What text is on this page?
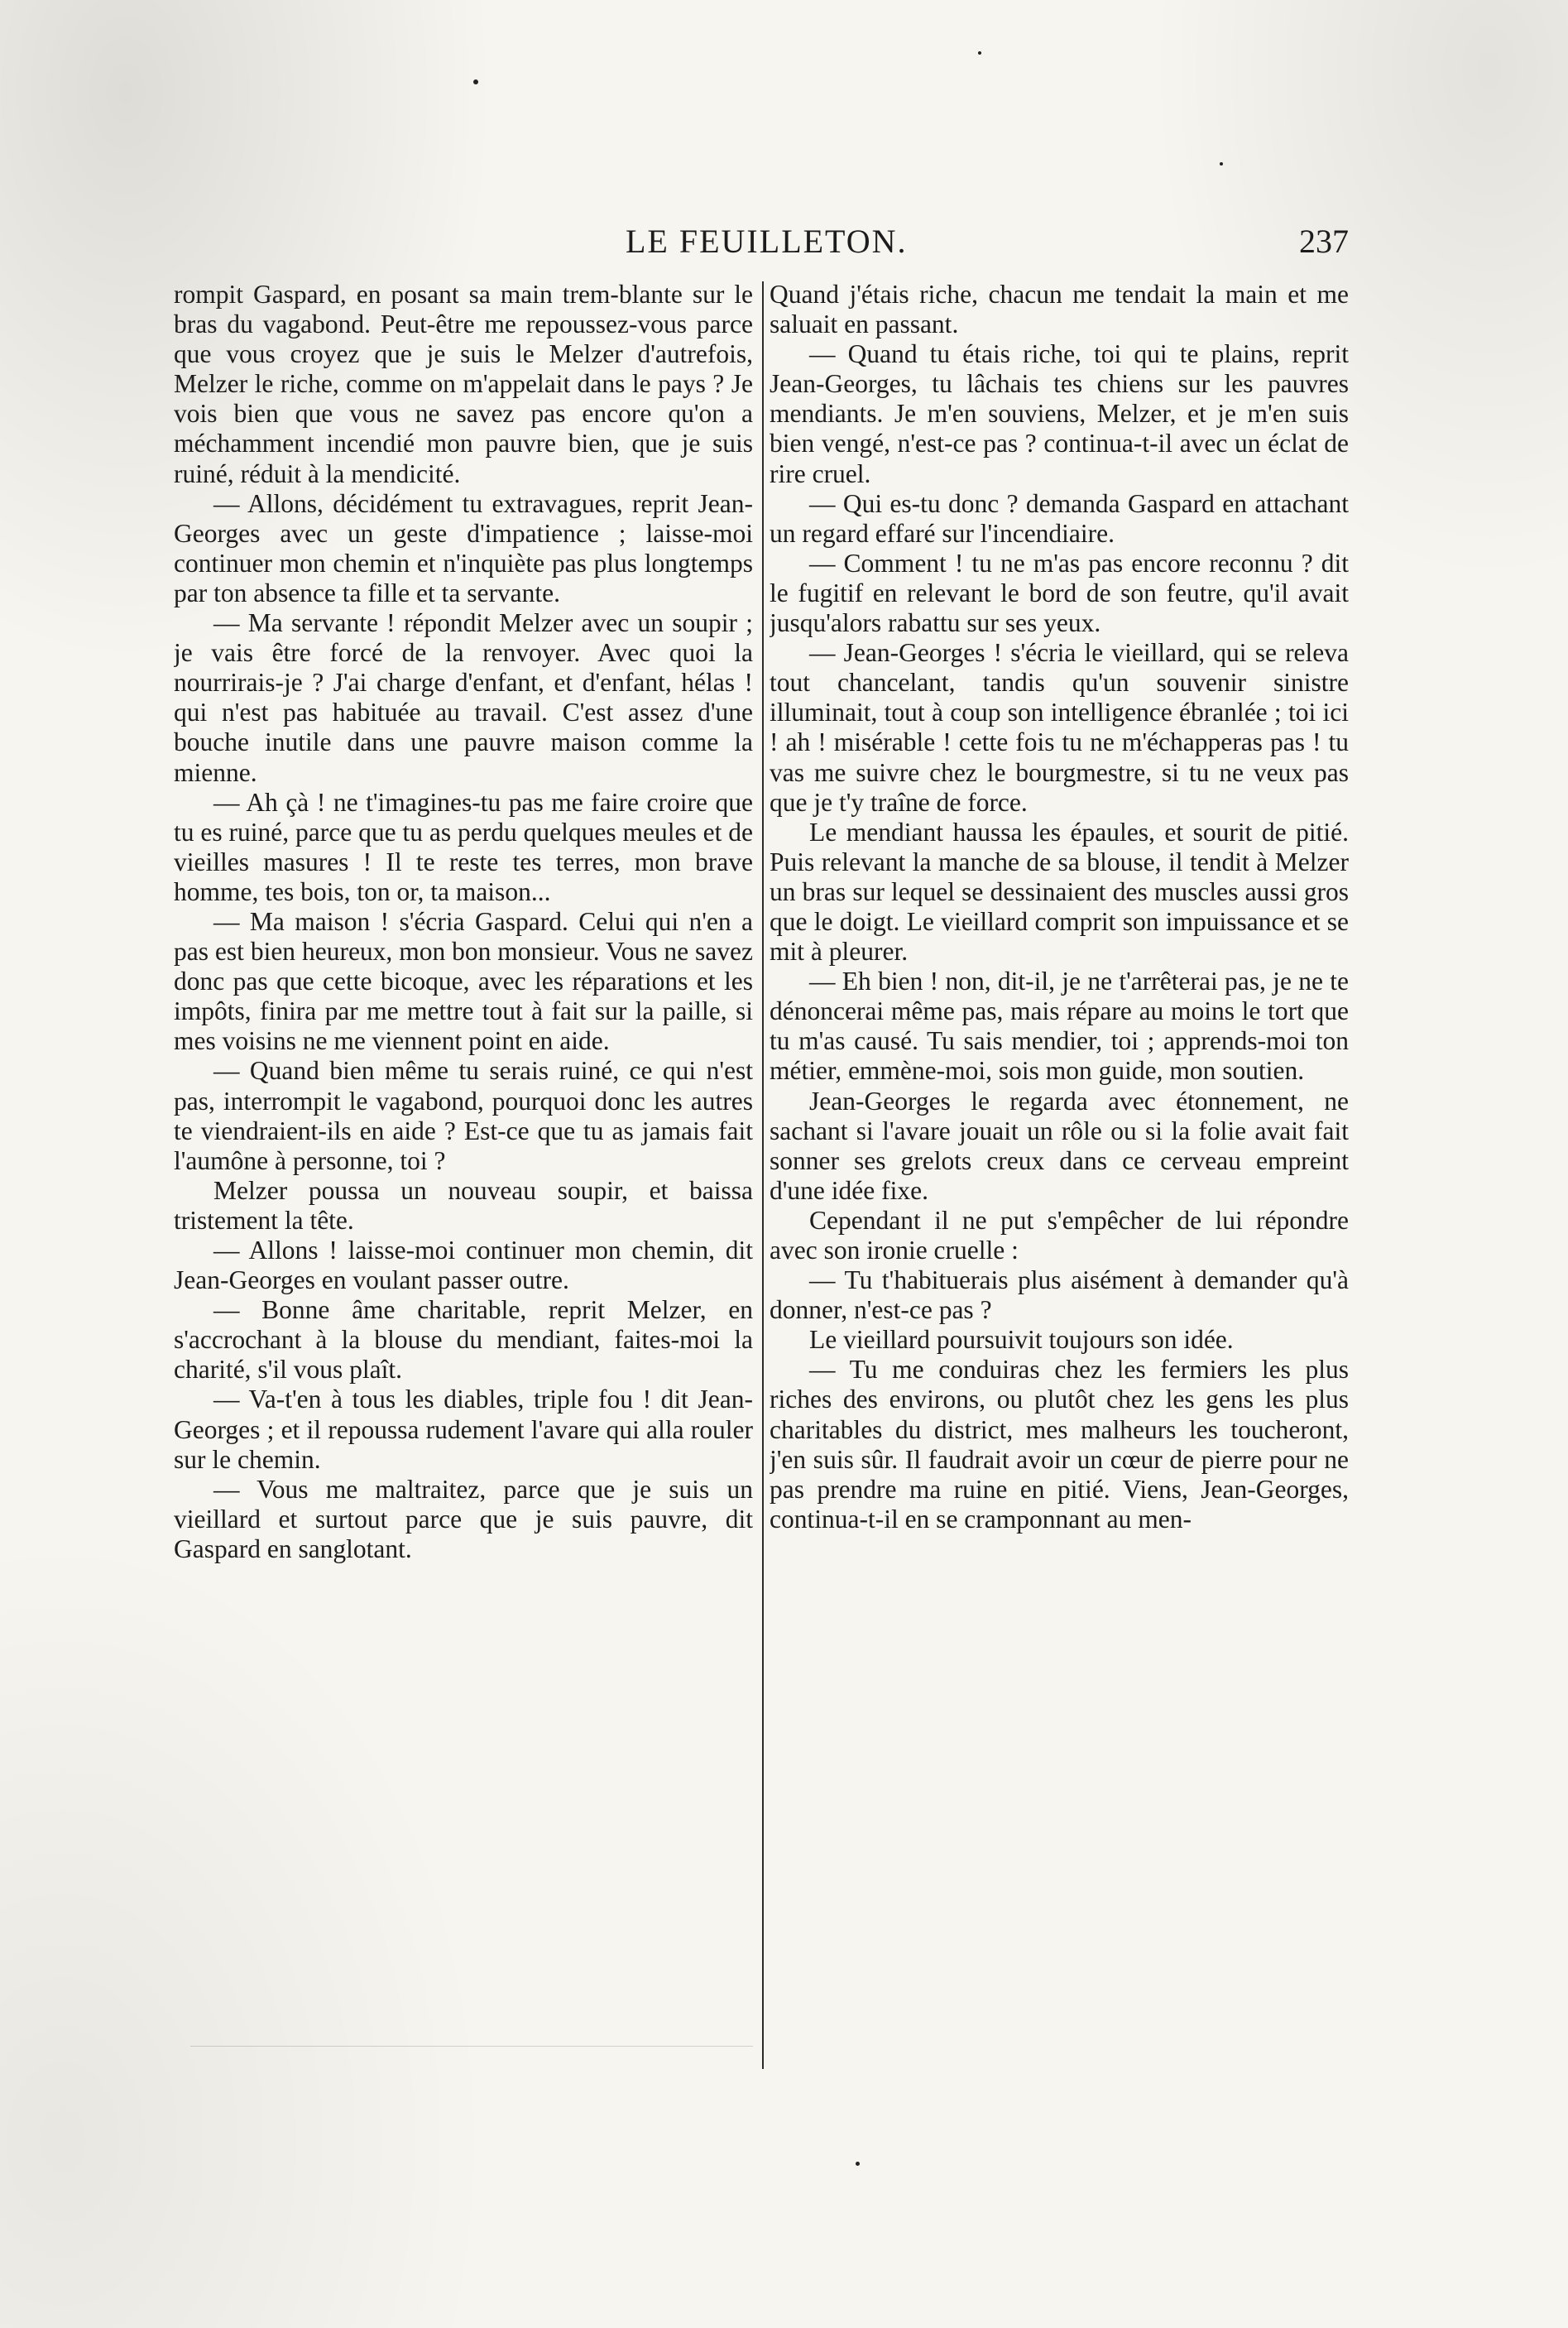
LE FEUILLETON.	237

rompit Gaspard, en posant sa main trem-blante sur le bras du vagabond. Peut-être me repoussez-vous parce que vous croyez que je suis le Melzer d'autrefois, Melzer le riche, comme on m'appelait dans le pays ? Je vois bien que vous ne savez pas encore qu'on a méchamment incendié mon pauvre bien, que je suis ruiné, réduit à la mendicité.

— Allons, décidément tu extravagues, reprit Jean-Georges avec un geste d'impatience ; laisse-moi continuer mon chemin et n'inquiète pas plus longtemps par ton absence ta fille et ta servante.

— Ma servante ! répondit Melzer avec un soupir ; je vais être forcé de la renvoyer. Avec quoi la nourrirais-je ? J'ai charge d'enfant, et d'enfant, hélas ! qui n'est pas habituée au travail. C'est assez d'une bouche inutile dans une pauvre maison comme la mienne.

— Ah çà ! ne t'imagines-tu pas me faire croire que tu es ruiné, parce que tu as perdu quelques meules et de vieilles masures ! Il te reste tes terres, mon brave homme, tes bois, ton or, ta maison...

— Ma maison ! s'écria Gaspard. Celui qui n'en a pas est bien heureux, mon bon monsieur. Vous ne savez donc pas que cette bicoque, avec les réparations et les impôts, finira par me mettre tout à fait sur la paille, si mes voisins ne me viennent point en aide.

— Quand bien même tu serais ruiné, ce qui n'est pas, interrompit le vagabond, pourquoi donc les autres te viendraient-ils en aide ? Est-ce que tu as jamais fait l'aumône à personne, toi ?

Melzer poussa un nouveau soupir, et baissa tristement la tête.

— Allons ! laisse-moi continuer mon chemin, dit Jean-Georges en voulant passer outre.

— Bonne âme charitable, reprit Melzer, en s'accrochant à la blouse du mendiant, faites-moi la charité, s'il vous plaît.

— Va-t'en à tous les diables, triple fou ! dit Jean-Georges ; et il repoussa rudement l'avare qui alla rouler sur le chemin.

— Vous me maltraitez, parce que je suis un vieillard et surtout parce que je suis pauvre, dit Gaspard en sanglotant.

Quand j'étais riche, chacun me tendait la main et me saluait en passant.

— Quand tu étais riche, toi qui te plains, reprit Jean-Georges, tu lâchais tes chiens sur les pauvres mendiants. Je m'en souviens, Melzer, et je m'en suis bien vengé, n'est-ce pas ? continua-t-il avec un éclat de rire cruel.

— Qui es-tu donc ? demanda Gaspard en attachant un regard effaré sur l'incendiaire.

— Comment ! tu ne m'as pas encore reconnu ? dit le fugitif en relevant le bord de son feutre, qu'il avait jusqu'alors rabattu sur ses yeux.

— Jean-Georges ! s'écria le vieillard, qui se releva tout chancelant, tandis qu'un souvenir sinistre illuminait, tout à coup son intelligence ébranlée ; toi ici ! ah ! misérable ! cette fois tu ne m'échapperas pas ! tu vas me suivre chez le bourgmestre, si tu ne veux pas que je t'y traîne de force.

Le mendiant haussa les épaules, et sourit de pitié. Puis relevant la manche de sa blouse, il tendit à Melzer un bras sur lequel se dessinaient des muscles aussi gros que le doigt. Le vieillard comprit son impuissance et se mit à pleurer.

— Eh bien ! non, dit-il, je ne t'arrêterai pas, je ne te dénoncerai même pas, mais répare au moins le tort que tu m'as causé. Tu sais mendier, toi ; apprends-moi ton métier, emmène-moi, sois mon guide, mon soutien.

Jean-Georges le regarda avec étonnement, ne sachant si l'avare jouait un rôle ou si la folie avait fait sonner ses grelots creux dans ce cerveau empreint d'une idée fixe.

Cependant il ne put s'empêcher de lui répondre avec son ironie cruelle :

— Tu t'habituerais plus aisément à demander qu'à donner, n'est-ce pas ?

Le vieillard poursuivit toujours son idée.

— Tu me conduiras chez les fermiers les plus riches des environs, ou plutôt chez les gens les plus charitables du district, mes malheurs les toucheront, j'en suis sûr. Il faudrait avoir un cœur de pierre pour ne pas prendre ma ruine en pitié. Viens, Jean-Georges, continua-t-il en se cramponnant au men-
